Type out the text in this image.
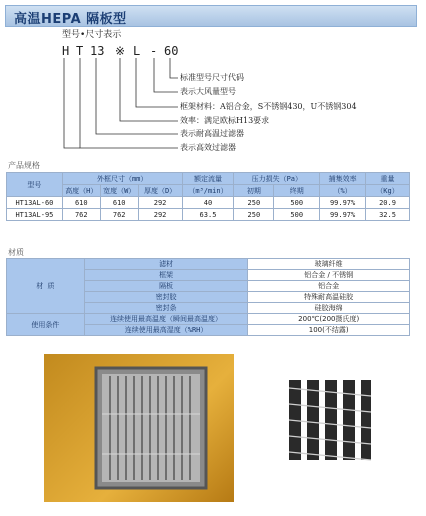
高温HEPA 隔板型
型号•尺寸表示
H T 13 ※ L - 60
标准型号尺寸代码
表示大风量型号
框架材料：A铝合金，S不锈钢430，U不锈钢304
效率：满足欧标H13要求
表示耐高温过滤器
表示高效过滤器
产品规格
型号	外框尺寸（mm）			额定流量	压力损失（Pa）		捕集效率	重量
	高度（H）	宽度（W）	厚度（D）	（m³/min）	初期	终期	（%）	（Kg）
HT13AL-60	610	610	292	40	250	500	99.97%	20.9
HT13AL-95	762	762	292	63.5	250	500	99.97%	32.5
材质
材 质	滤材	玻璃纤维
	框架	铝合金 / 不锈钢
	隔板	铝合金
	密封胶	特殊耐高温硅胶
	密封条	硅胶海绵
使用条件	连续使用最高温度（瞬间最高温度）	200℃(200摄氏度)
	连续使用最高湿度（%RH）	100(不结露)
